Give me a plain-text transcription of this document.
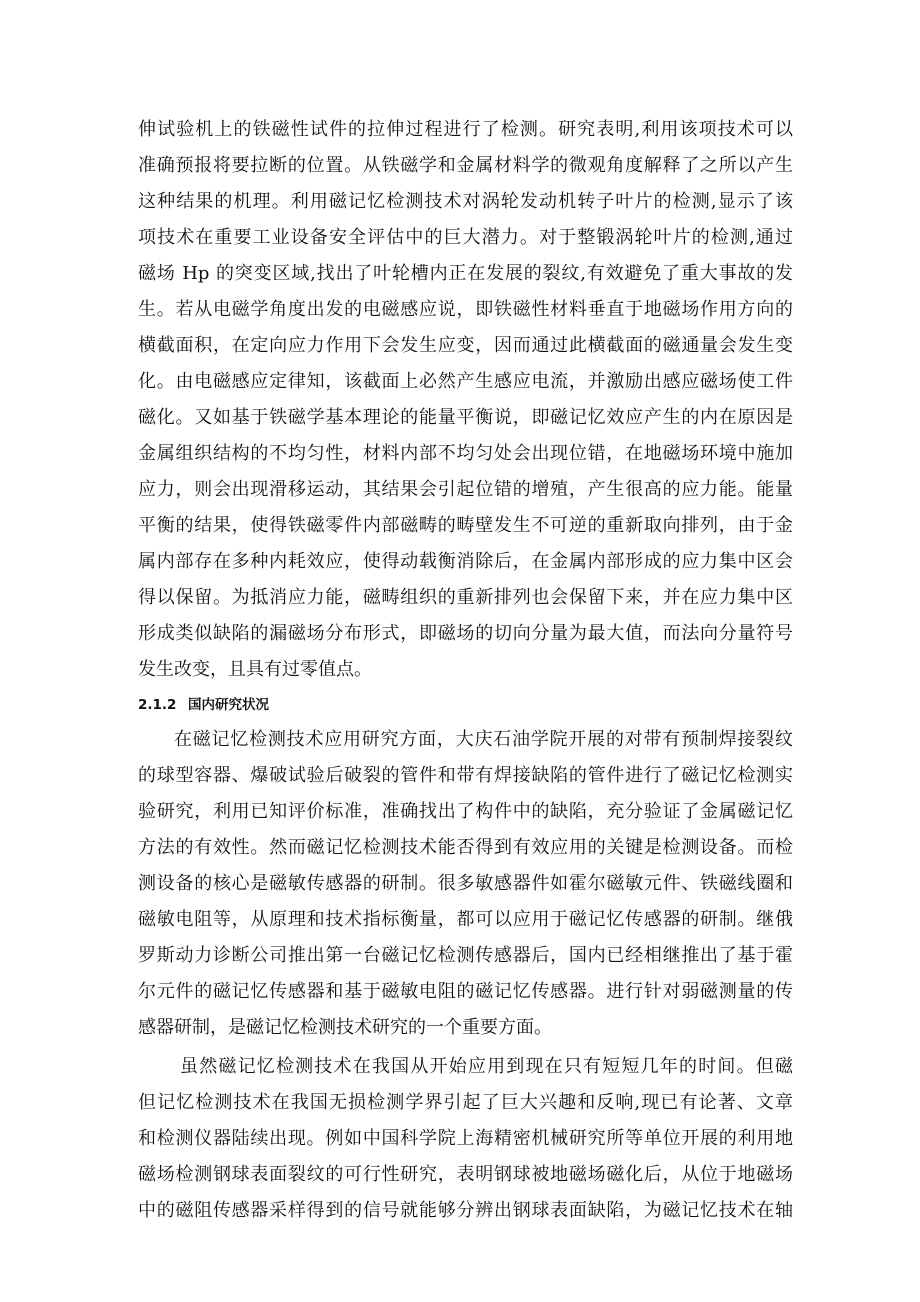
伸试验机上的铁磁性试件的拉伸过程进行了检测。研究表明,利用该项技术可以
准确预报将要拉断的位置。从铁磁学和金属材料学的微观角度解释了之所以产生
这种结果的机理。利用磁记忆检测技术对涡轮发动机转子叶片的检测,显示了该
项技术在重要工业设备安全评估中的巨大潜力。对于整锻涡轮叶片的检测,通过
磁场 Hp 的突变区域,找出了叶轮槽内正在发展的裂纹,有效避免了重大事故的发
生。若从电磁学角度出发的电磁感应说，即铁磁性材料垂直于地磁场作用方向的
横截面积，在定向应力作用下会发生应变，因而通过此横截面的磁通量会发生变
化。由电磁感应定律知，该截面上必然产生感应电流，并激励出感应磁场使工件
磁化。又如基于铁磁学基本理论的能量平衡说，即磁记忆效应产生的内在原因是
金属组织结构的不均匀性，材料内部不均匀处会出现位错，在地磁场环境中施加
应力，则会出现滑移运动，其结果会引起位错的增殖，产生很高的应力能。能量
平衡的结果，使得铁磁零件内部磁畴的畴壁发生不可逆的重新取向排列，由于金
属内部存在多种内耗效应，使得动载衡消除后，在金属内部形成的应力集中区会
得以保留。为抵消应力能，磁畴组织的重新排列也会保留下来，并在应力集中区
形成类似缺陷的漏磁场分布形式，即磁场的切向分量为最大值，而法向分量符号
发生改变，且具有过零值点。
2.1.2 国内研究状况
在磁记忆检测技术应用研究方面，大庆石油学院开展的对带有预制焊接裂纹
的球型容器、爆破试验后破裂的管件和带有焊接缺陷的管件进行了磁记忆检测实
验研究，利用已知评价标准，准确找出了构件中的缺陷，充分验证了金属磁记忆
方法的有效性。然而磁记忆检测技术能否得到有效应用的关键是检测设备。而检
测设备的核心是磁敏传感器的研制。很多敏感器件如霍尔磁敏元件、铁磁线圈和
磁敏电阻等，从原理和技术指标衡量，都可以应用于磁记忆传感器的研制。继俄
罗斯动力诊断公司推出第一台磁记忆检测传感器后，国内已经相继推出了基于霍
尔元件的磁记忆传感器和基于磁敏电阻的磁记忆传感器。进行针对弱磁测量的传
感器研制，是磁记忆检测技术研究的一个重要方面。
虽然磁记忆检测技术在我国从开始应用到现在只有短短几年的时间。但磁
但记忆检测技术在我国无损检测学界引起了巨大兴趣和反响,现已有论著、文章
和检测仪器陆续出现。例如中国科学院上海精密机械研究所等单位开展的利用地
磁场检测钢球表面裂纹的可行性研究，表明钢球被地磁场磁化后，从位于地磁场
中的磁阻传感器采样得到的信号就能够分辨出钢球表面缺陷，为磁记忆技术在轴
